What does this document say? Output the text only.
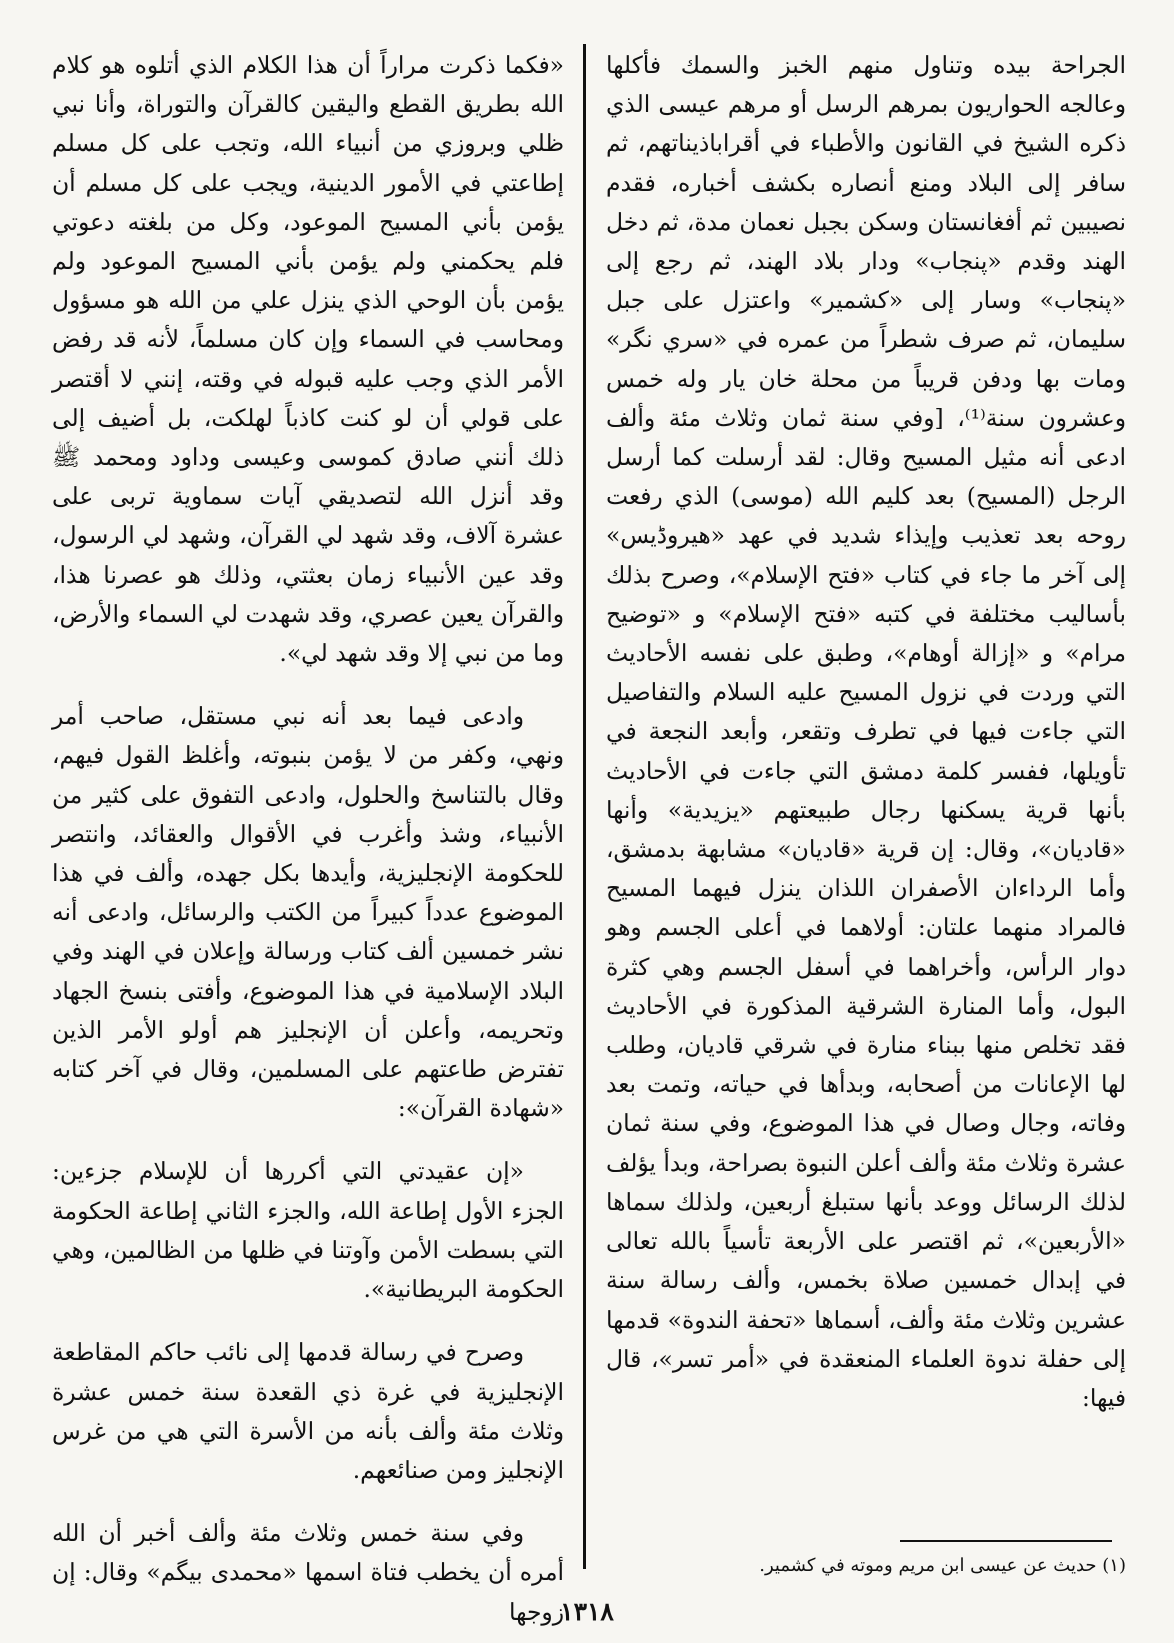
الجراحة بيده وتناول منهم الخبز والسمك فأكلها وعالجه الحواريون بمرهم الرسل أو مرهم عيسى الذي ذكره الشيخ في القانون والأطباء في أقراباذيناتهم، ثم سافر إلى البلاد ومنع أنصاره بكشف أخباره، فقدم نصيبين ثم أفغانستان وسكن بجبل نعمان مدة، ثم دخل الهند وقدم «پنجاب» ودار بلاد الهند، ثم رجع إلى «پنجاب» وسار إلى «كشمير» واعتزل على جبل سليمان، ثم صرف شطراً من عمره في «سري نگر» ومات بها ودفن قريباً من محلة خان يار وله خمس وعشرون سنة⁽¹⁾، [وفي سنة ثمان وثلاث مئة وألف ادعى أنه مثيل المسيح وقال: لقد أرسلت كما أرسل الرجل (المسيح) بعد كليم الله (موسى) الذي رفعت روحه بعد تعذيب وإيذاء شديد في عهد «هيروڈيس» إلى آخر ما جاء في كتاب «فتح الإسلام»، وصرح بذلك بأساليب مختلفة في كتبه «فتح الإسلام» و «توضيح مرام» و «إزالة أوهام»، وطبق على نفسه الأحاديث التي وردت في نزول المسيح عليه السلام والتفاصيل التي جاءت فيها في تطرف وتقعر، وأبعد النجعة في تأويلها، ففسر كلمة دمشق التي جاءت في الأحاديث بأنها قرية يسكنها رجال طبيعتهم «يزيدية» وأنها «قاديان»، وقال: إن قرية «قاديان» مشابهة بدمشق، وأما الرداءان الأصفران اللذان ينزل فيهما المسيح فالمراد منهما علتان: أولاهما في أعلى الجسم وهو دوار الرأس، وأخراهما في أسفل الجسم وهي كثرة البول، وأما المنارة الشرقية المذكورة في الأحاديث فقد تخلص منها ببناء منارة في شرقي قاديان، وطلب لها الإعانات من أصحابه، وبدأها في حياته، وتمت بعد وفاته، وجال وصال في هذا الموضوع، وفي سنة ثمان عشرة وثلاث مئة وألف أعلن النبوة بصراحة، وبدأ يؤلف لذلك الرسائل ووعد بأنها ستبلغ أربعين، ولذلك سماها «الأربعين»، ثم اقتصر على الأربعة تأسياً بالله تعالى في إبدال خمسين صلاة بخمس، وألف رسالة سنة عشرين وثلاث مئة وألف، أسماها «تحفة الندوة» قدمها إلى حفلة ندوة العلماء المنعقدة في «أمر تسر»، قال فيها:

«فكما ذكرت مراراً أن هذا الكلام الذي أتلوه هو كلام الله بطريق القطع واليقين كالقرآن والتوراة، وأنا نبي ظلي وبروزي من أنبياء الله، وتجب على كل مسلم إطاعتي في الأمور الدينية، ويجب على كل مسلم أن يؤمن بأني المسيح الموعود، وكل من بلغته دعوتي فلم يحكمني ولم يؤمن بأني المسيح الموعود ولم يؤمن بأن الوحي الذي ينزل علي من الله هو مسؤول ومحاسب في السماء وإن كان مسلماً، لأنه قد رفض الأمر الذي وجب عليه قبوله في وقته، إنني لا أقتصر على قولي أن لو كنت كاذباً لهلكت، بل أضيف إلى ذلك أنني صادق كموسى وعيسى وداود ومحمد ﷺ وقد أنزل الله لتصديقي آيات سماوية تربى على عشرة آلاف، وقد شهد لي القرآن، وشهد لي الرسول، وقد عين الأنبياء زمان بعثتي، وذلك هو عصرنا هذا، والقرآن يعين عصري، وقد شهدت لي السماء والأرض، وما من نبي إلا وقد شهد لي».

وادعى فيما بعد أنه نبي مستقل، صاحب أمر ونهي، وكفر من لا يؤمن بنبوته، وأغلظ القول فيهم، وقال بالتناسخ والحلول، وادعى التفوق على كثير من الأنبياء، وشذ وأغرب في الأقوال والعقائد، وانتصر للحكومة الإنجليزية، وأيدها بكل جهده، وألف في هذا الموضوع عدداً كبيراً من الكتب والرسائل، وادعى أنه نشر خمسين ألف كتاب ورسالة وإعلان في الهند وفي البلاد الإسلامية في هذا الموضوع، وأفتى بنسخ الجهاد وتحريمه، وأعلن أن الإنجليز هم أولو الأمر الذين تفترض طاعتهم على المسلمين، وقال في آخر كتابه «شهادة القرآن»:

«إن عقيدتي التي أكررها أن للإسلام جزءين: الجزء الأول إطاعة الله، والجزء الثاني إطاعة الحكومة التي بسطت الأمن وآوتنا في ظلها من الظالمين، وهي الحكومة البريطانية».

وصرح في رسالة قدمها إلى نائب حاكم المقاطعة الإنجليزية في غرة ذي القعدة سنة خمس عشرة وثلاث مئة وألف بأنه من الأسرة التي هي من غرس الإنجليز ومن صنائعهم.

وفي سنة خمس وثلاث مئة وألف أخبر أن الله أمره أن يخطب فتاة اسمها «محمدى بيگم» وقال: إن زوجها

(١) حديث عن عيسى ابن مريم وموته في كشمير.
١٣١٨
